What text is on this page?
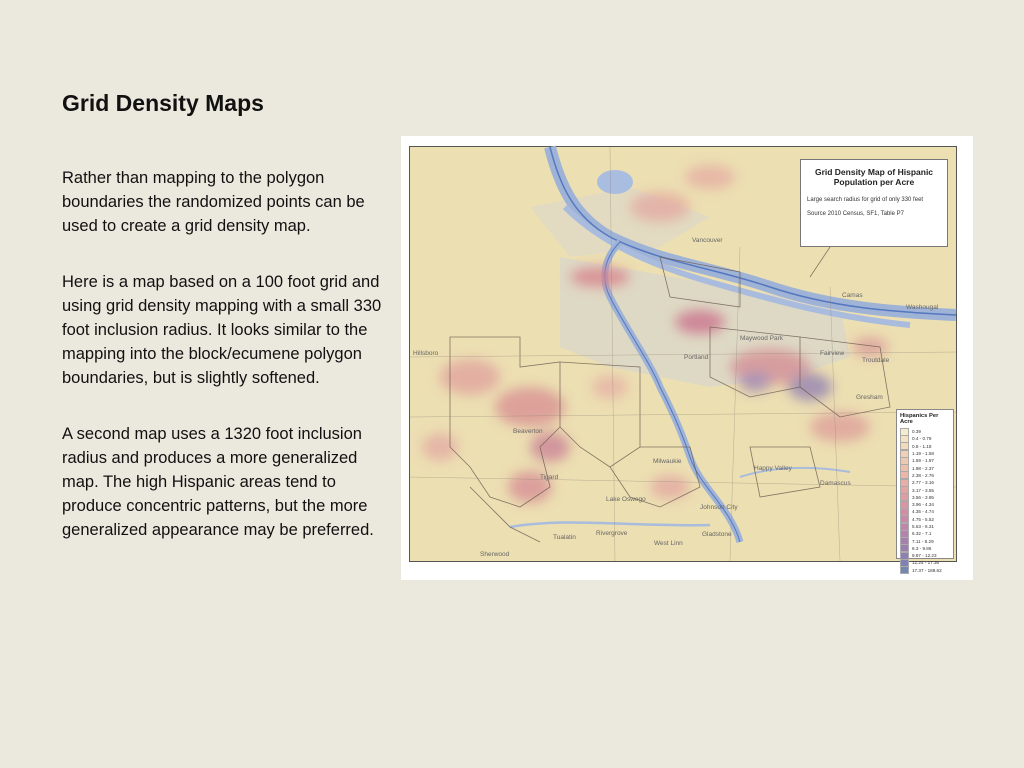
Grid Density Maps

Rather than mapping to the polygon boundaries the randomized points can be used to create a grid density map.

Here is a map based on a 100 foot grid and using grid density mapping with a small 330 foot inclusion radius. It looks similar to the mapping into the block/ecumene polygon boundaries, but is slightly softened.

A second map uses a 1320 foot inclusion radius and produces a more generalized map. The high Hispanic areas tend to produce concentric patterns, but the more generalized appearance may be preferred.

Vancouver
Camas
Washougal
Portland
Maywood Park
Fairview
Troutdale
Gresham
Hillsboro
Beaverton
Milwaukie
Happy Valley
Damascus
Tigard
Lake Oswego
Johnson City
Gladstone
Tualatin
Rivergrove
West Linn
Sherwood
Grid Density Map of Hispanic Population per Acre
Large search radius for grid of only 330 feet
Source 2010 Census, SF1, Table P7
Hispanics Per Acre
0.39
0.4 - 0.79
0.8 - 1.18
1.19 - 1.58
1.59 - 1.97
1.98 - 2.37
2.38 - 2.76
2.77 - 3.16
3.17 - 3.55
3.56 - 3.95
3.96 - 4.34
4.35 - 4.74
4.75 - 5.52
5.53 - 6.31
6.32 - 7.1
7.11 - 8.29
8.3 - 9.86
9.87 - 12.23
12.24 - 17.36
17.37 - 188.62
